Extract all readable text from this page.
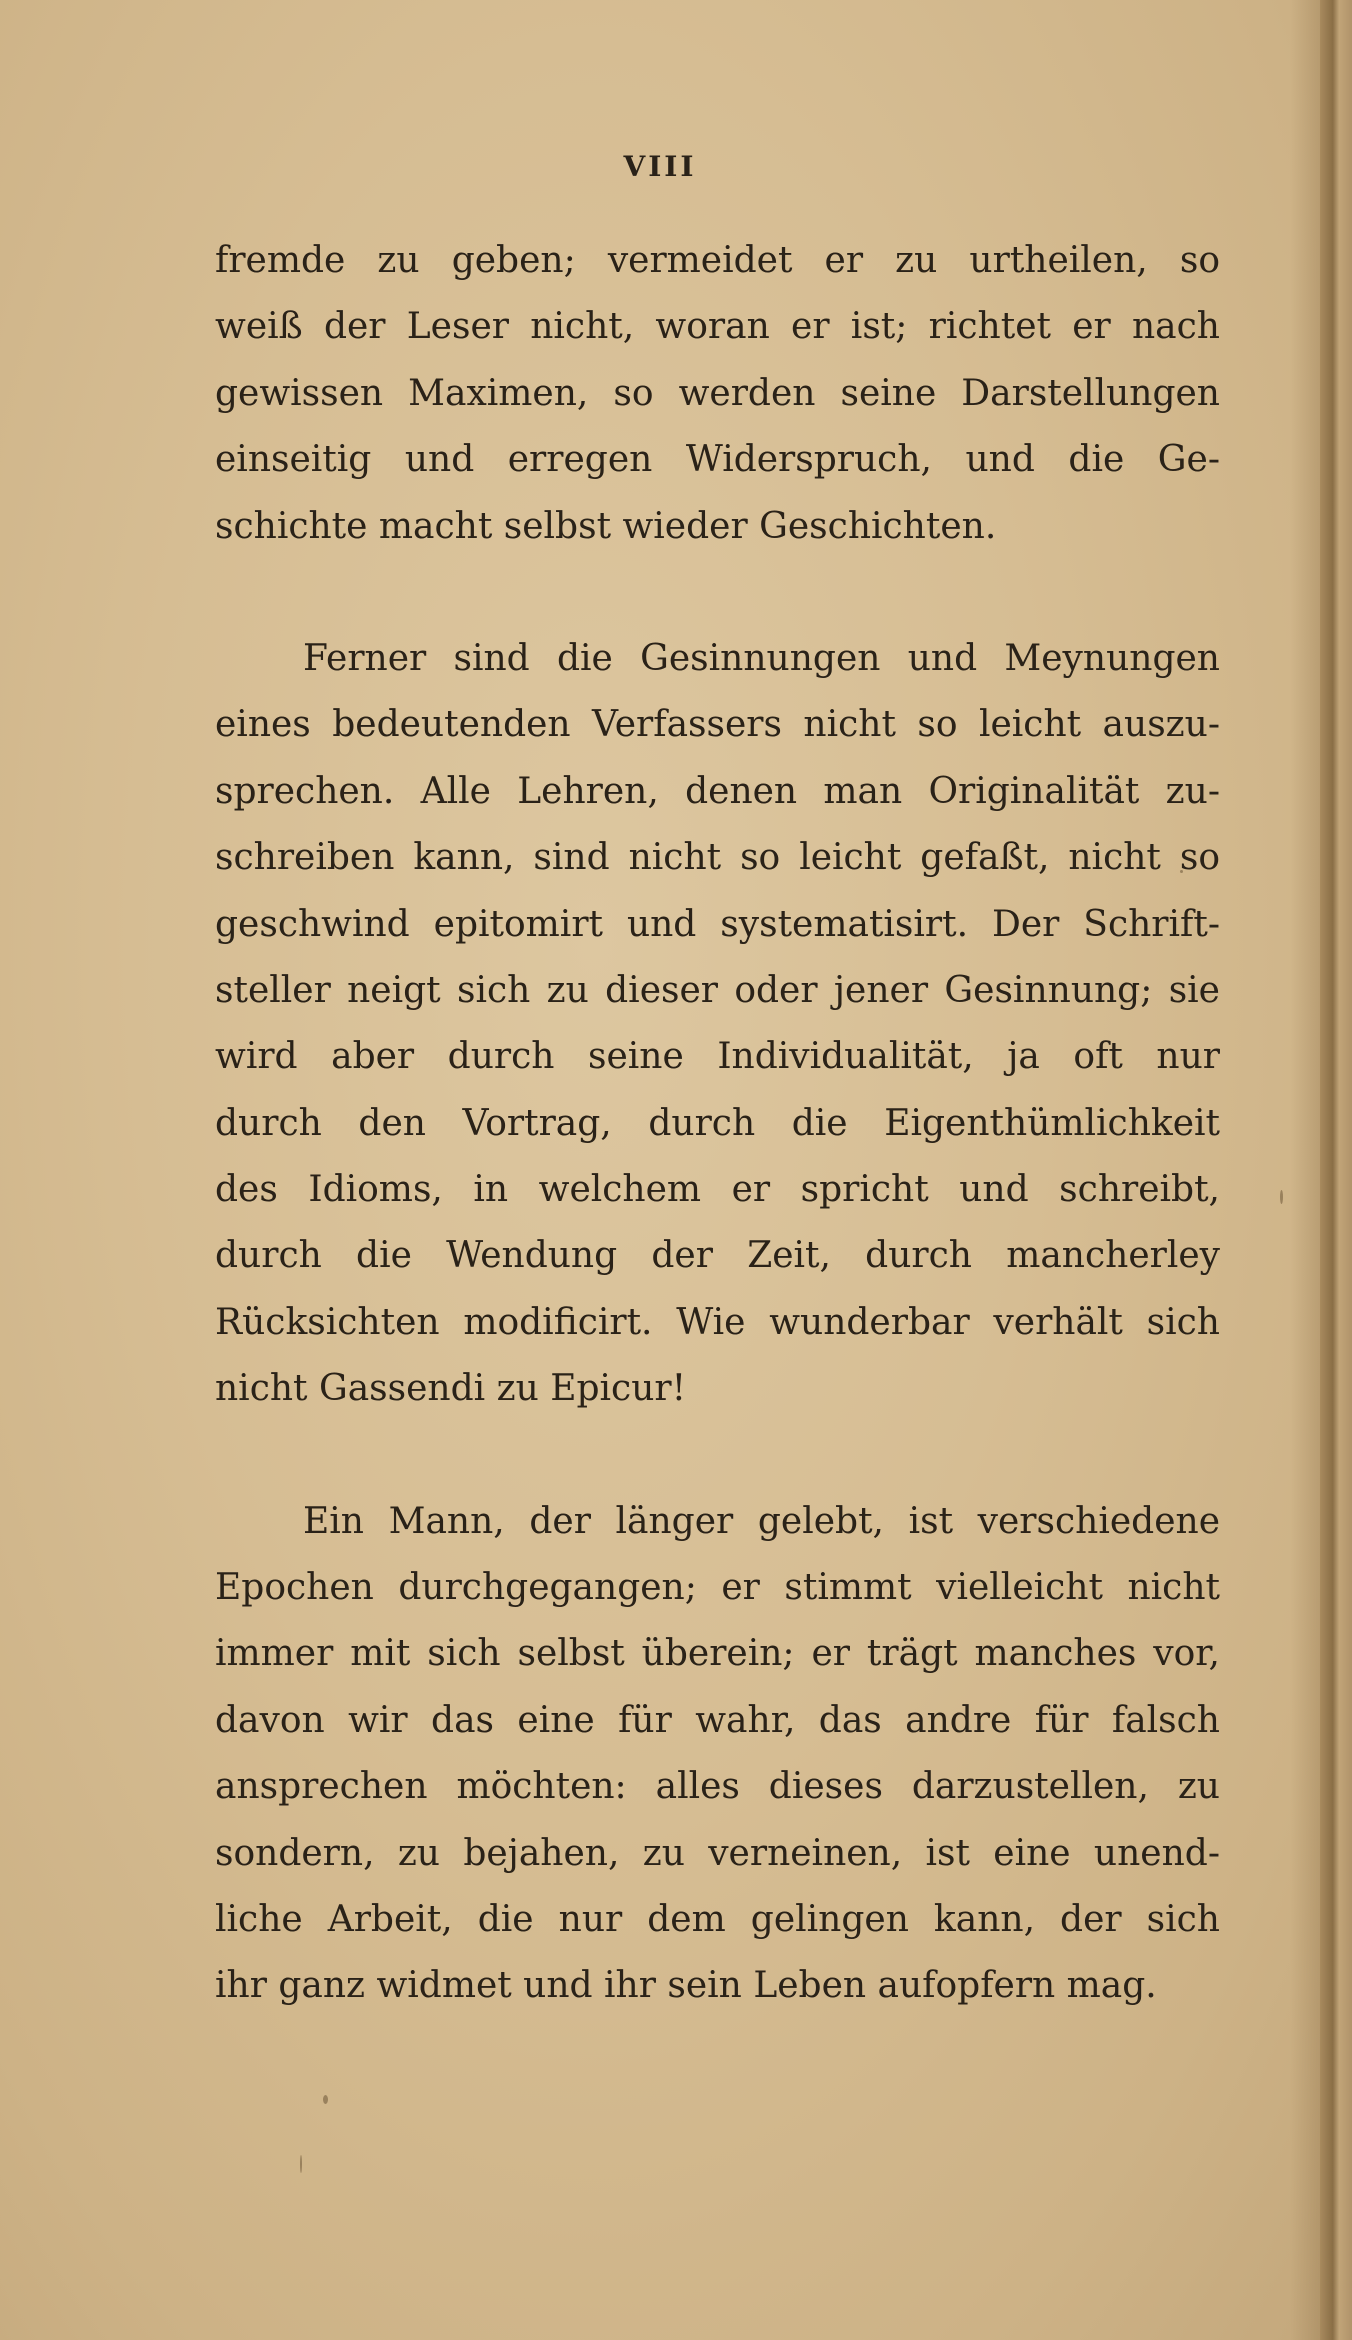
VIII
fremde zu geben; vermeidet er zu urtheilen, so
weiß der Leser nicht, woran er ist; richtet er nach
gewissen Maximen, so werden seine Darstellungen
einseitig und erregen Widerspruch, und die Ge-
schichte macht selbst wieder Geschichten.
Ferner sind die Gesinnungen und Meynungen
eines bedeutenden Verfassers nicht so leicht auszu-
sprechen. Alle Lehren, denen man Originalität zu-
schreiben kann, sind nicht so leicht gefaßt, nicht so
geschwind epitomirt und systematisirt. Der Schrift-
steller neigt sich zu dieser oder jener Gesinnung; sie
wird aber durch seine Individualität, ja oft nur
durch den Vortrag, durch die Eigenthümlichkeit
des Idioms, in welchem er spricht und schreibt,
durch die Wendung der Zeit, durch mancherley
Rücksichten modificirt. Wie wunderbar verhält sich
nicht Gassendi zu Epicur!
Ein Mann, der länger gelebt, ist verschiedene
Epochen durchgegangen; er stimmt vielleicht nicht
immer mit sich selbst überein; er trägt manches vor,
davon wir das eine für wahr, das andre für falsch
ansprechen möchten: alles dieses darzustellen, zu
sondern, zu bejahen, zu verneinen, ist eine unend-
liche Arbeit, die nur dem gelingen kann, der sich
ihr ganz widmet und ihr sein Leben aufopfern mag.
